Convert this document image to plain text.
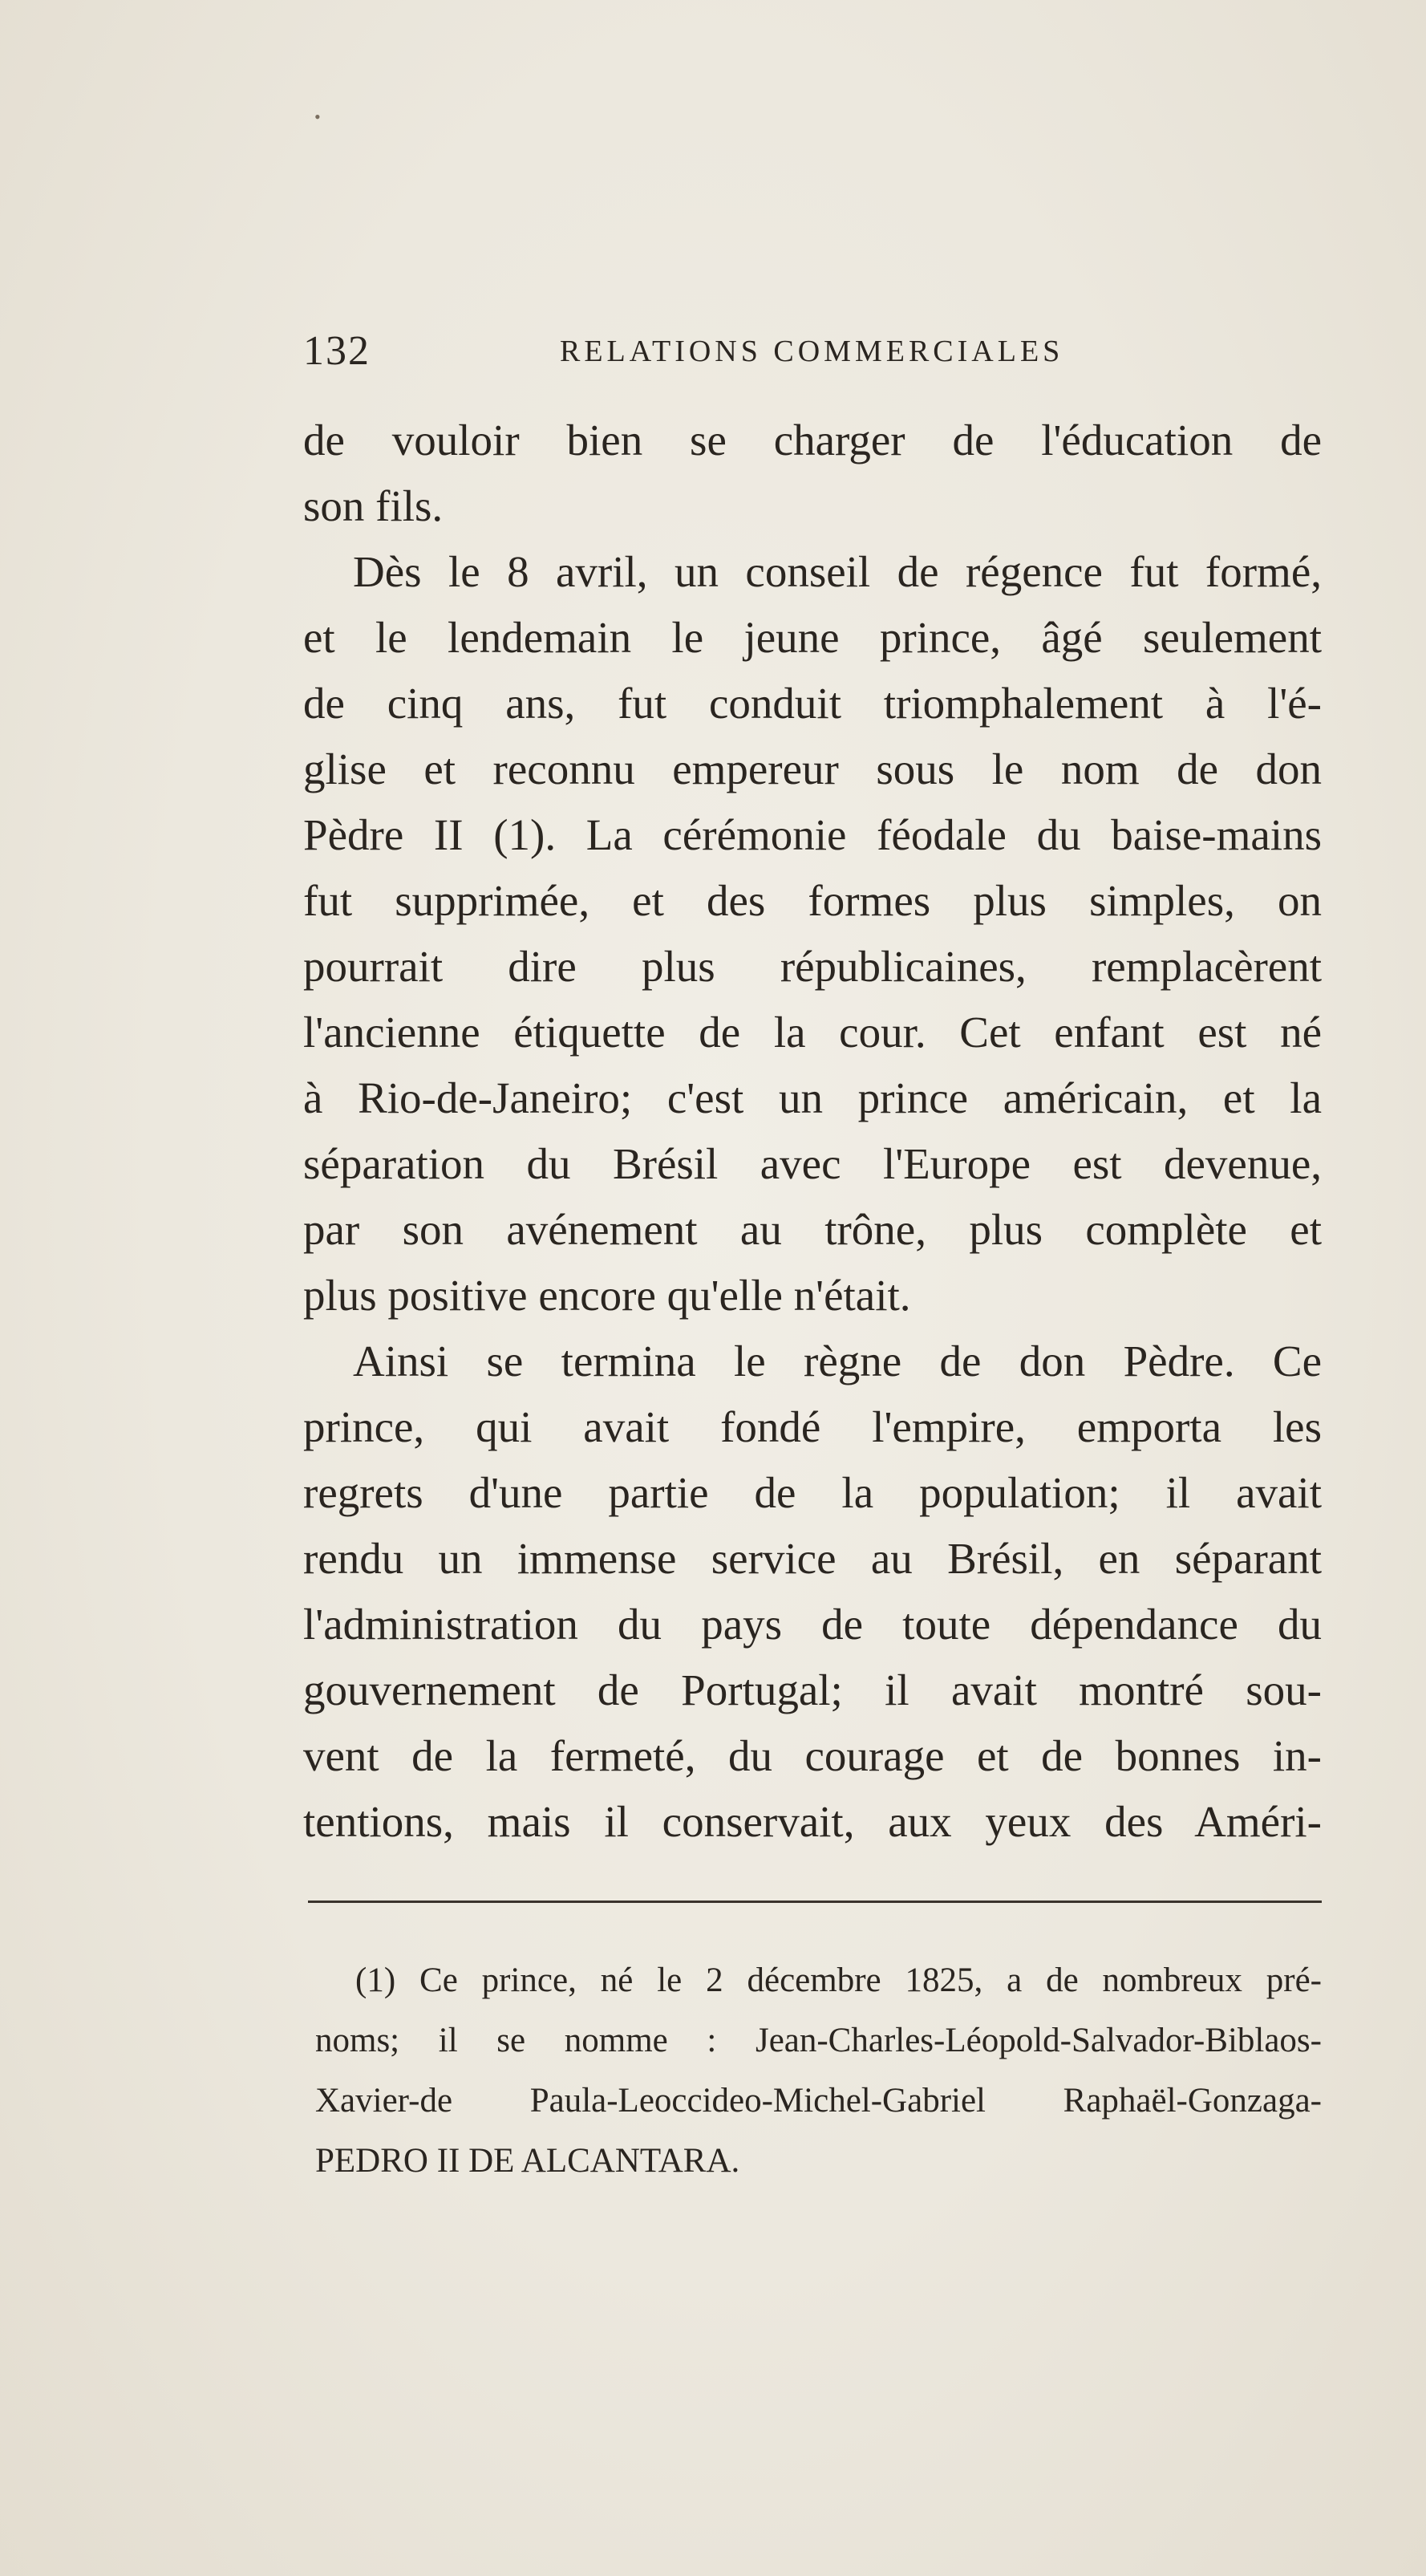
•
132	RELATIONS COMMERCIALES
de vouloir bien se charger de l'éducation de
son fils.
Dès le 8 avril, un conseil de régence fut formé,
et le lendemain le jeune prince, âgé seulement
de cinq ans, fut conduit triomphalement à l'é-
glise et reconnu empereur sous le nom de don
Pèdre II (1). La cérémonie féodale du baise-mains
fut supprimée, et des formes plus simples, on
pourrait dire plus républicaines, remplacèrent
l'ancienne étiquette de la cour. Cet enfant est né
à Rio-de-Janeiro; c'est un prince américain, et la
séparation du Brésil avec l'Europe est devenue,
par son avénement au trône, plus complète et
plus positive encore qu'elle n'était.
Ainsi se termina le règne de don Pèdre. Ce
prince, qui avait fondé l'empire, emporta les
regrets d'une partie de la population; il avait
rendu un immense service au Brésil, en séparant
l'administration du pays de toute dépendance du
gouvernement de Portugal; il avait montré sou-
vent de la fermeté, du courage et de bonnes in-
tentions, mais il conservait, aux yeux des Améri-
(1) Ce prince, né le 2 décembre 1825, a de nombreux pré-
noms; il se nomme : Jean-Charles-Léopold-Salvador-Biblaos-
Xavier-de Paula-Leoccideo-Michel-Gabriel Raphaël-Gonzaga-
PEDRO II DE ALCANTARA.
